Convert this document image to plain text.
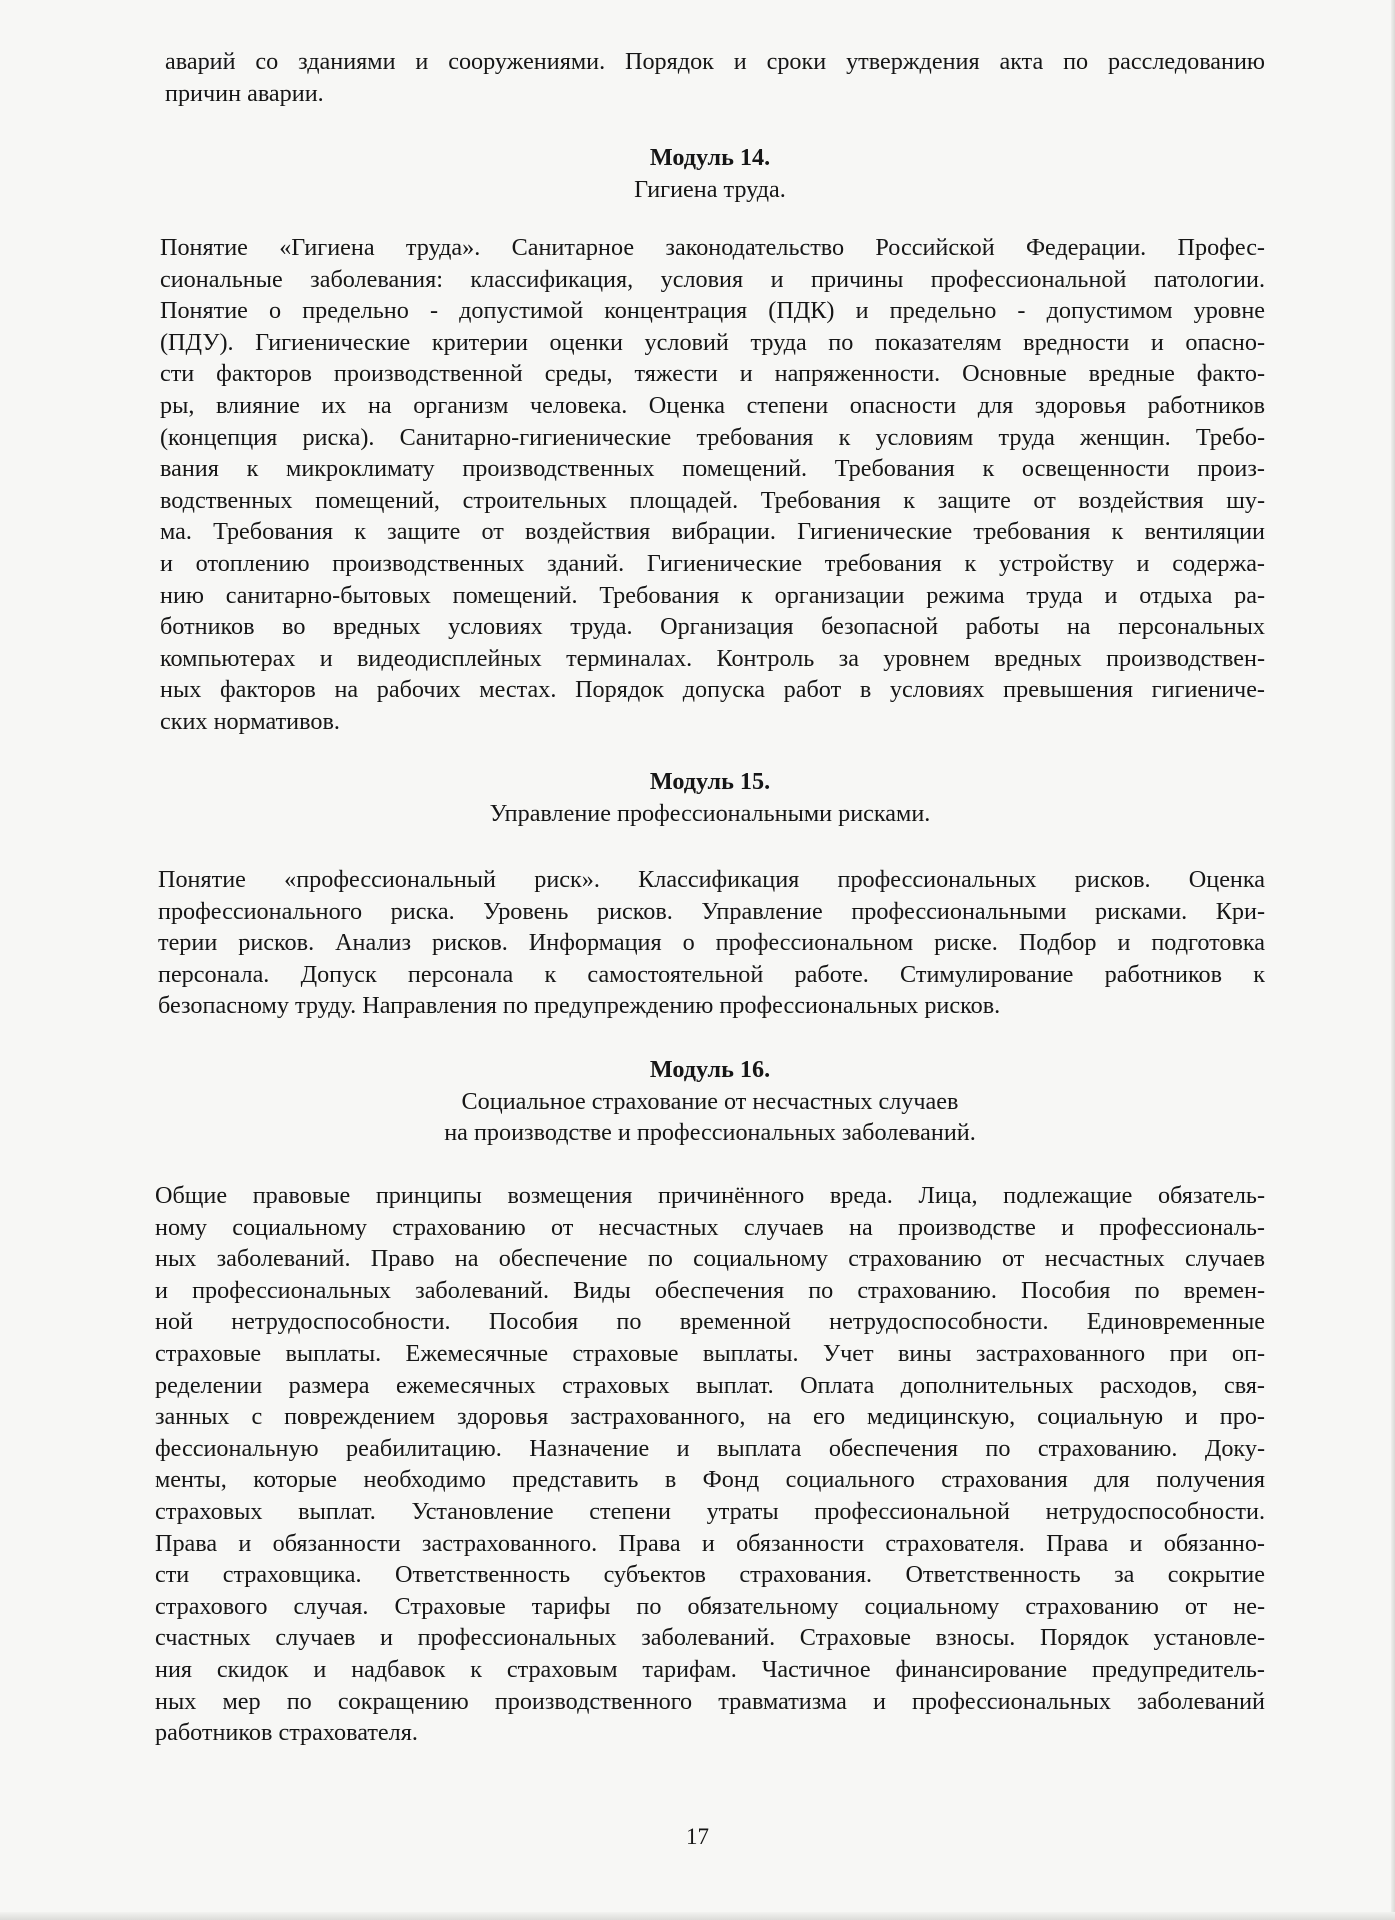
аварий со зданиями и сооружениями. Порядок и сроки утверждения акта по расследованию
причин аварии.
Модуль 14.
Гигиена труда.
Понятие «Гигиена труда». Санитарное законодательство Российской Федерации. Профес-
сиональные заболевания: классификация, условия и причины профессиональной патологии.
Понятие о предельно - допустимой концентрация (ПДК) и предельно - допустимом уровне
(ПДУ). Гигиенические критерии оценки условий труда по показателям вредности и опасно-
сти факторов производственной среды, тяжести и напряженности. Основные вредные факто-
ры, влияние их на организм человека. Оценка степени опасности для здоровья работников
(концепция риска). Санитарно-гигиенические требования к условиям труда женщин. Требо-
вания к микроклимату производственных помещений. Требования к освещенности произ-
водственных помещений, строительных площадей. Требования к защите от воздействия шу-
ма. Требования к защите от воздействия вибрации. Гигиенические требования к вентиляции
и отоплению производственных зданий. Гигиенические требования к устройству и содержа-
нию санитарно-бытовых помещений. Требования к организации режима труда и отдыха ра-
ботников во вредных условиях труда. Организация безопасной работы на персональных
компьютерах и видеодисплейных терминалах. Контроль за уровнем вредных производствен-
ных факторов на рабочих местах. Порядок допуска работ в условиях превышения гигиениче-
ских нормативов.
Модуль 15.
Управление профессиональными рисками.
Понятие «профессиональный риск». Классификация профессиональных рисков. Оценка
профессионального риска. Уровень рисков. Управление профессиональными рисками. Кри-
терии рисков. Анализ рисков. Информация о профессиональном риске. Подбор и подготовка
персонала. Допуск персонала к самостоятельной работе. Стимулирование работников к
безопасному труду. Направления по предупреждению профессиональных рисков.
Модуль 16.
Социальное страхование от несчастных случаев
на производстве и профессиональных заболеваний.
Общие правовые принципы возмещения причинённого вреда. Лица, подлежащие обязатель-
ному социальному страхованию от несчастных случаев на производстве и профессиональ-
ных заболеваний. Право на обеспечение по социальному страхованию от несчастных случаев
и профессиональных заболеваний. Виды обеспечения по страхованию. Пособия по времен-
ной нетрудоспособности. Пособия по временной нетрудоспособности. Единовременные
страховые выплаты. Ежемесячные страховые выплаты. Учет вины застрахованного при оп-
ределении размера ежемесячных страховых выплат. Оплата дополнительных расходов, свя-
занных с повреждением здоровья застрахованного, на его медицинскую, социальную и про-
фессиональную реабилитацию. Назначение и выплата обеспечения по страхованию. Доку-
менты, которые необходимо представить в Фонд социального страхования для получения
страховых выплат. Установление степени утраты профессиональной нетрудоспособности.
Права и обязанности застрахованного. Права и обязанности страхователя. Права и обязанно-
сти страховщика. Ответственность субъектов страхования. Ответственность за сокрытие
страхового случая. Страховые тарифы по обязательному социальному страхованию от не-
счастных случаев и профессиональных заболеваний. Страховые взносы. Порядок установле-
ния скидок и надбавок к страховым тарифам. Частичное финансирование предупредитель-
ных мер по сокращению производственного травматизма и профессиональных заболеваний
работников страхователя.
17
